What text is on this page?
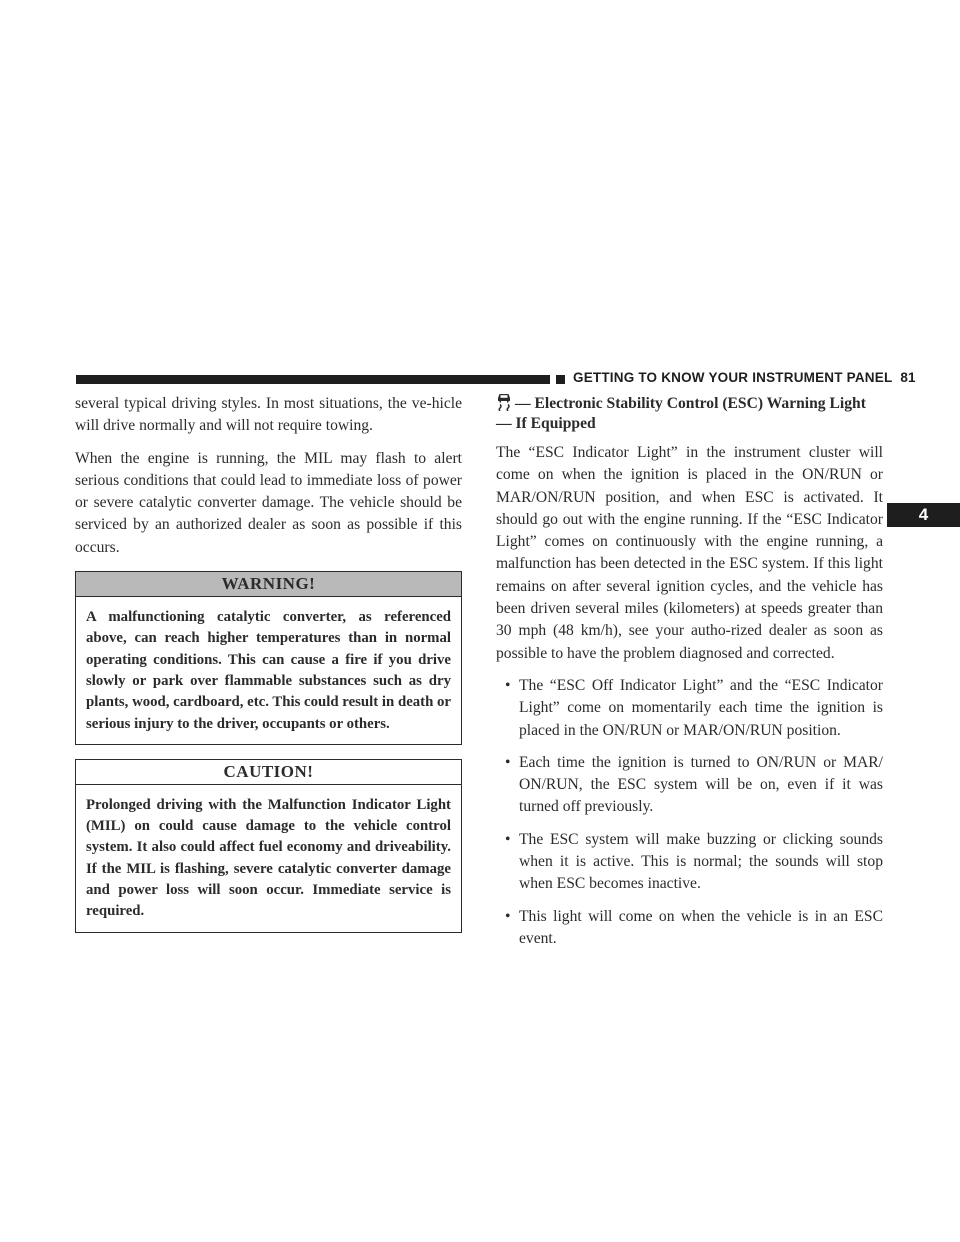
GETTING TO KNOW YOUR INSTRUMENT PANEL 81
4

several typical driving styles. In most situations, the ve-hicle will drive normally and will not require towing.

When the engine is running, the MIL may flash to alert serious conditions that could lead to immediate loss of power or severe catalytic converter damage. The vehicle should be serviced by an authorized dealer as soon as possible if this occurs.

WARNING!
A malfunctioning catalytic converter, as referenced above, can reach higher temperatures than in normal operating conditions. This can cause a fire if you drive slowly or park over flammable substances such as dry plants, wood, cardboard, etc. This could result in death or serious injury to the driver, occupants or others.
CAUTION!
Prolonged driving with the Malfunction Indicator Light (MIL) on could cause damage to the vehicle control system. It also could affect fuel economy and driveability. If the MIL is flashing, severe catalytic converter damage and power loss will soon occur. Immediate service is required.
— Electronic Stability Control (ESC) Warning Light — If Equipped

The “ESC Indicator Light” in the instrument cluster will come on when the ignition is placed in the ON/RUN or MAR/ON/RUN position, and when ESC is activated. It should go out with the engine running. If the “ESC Indicator Light” comes on continuously with the engine running, a malfunction has been detected in the ESC system. If this light remains on after several ignition cycles, and the vehicle has been driven several miles (kilometers) at speeds greater than 30 mph (48 km/h), see your autho-rized dealer as soon as possible to have the problem diagnosed and corrected.

• The “ESC Off Indicator Light” and the “ESC Indicator Light” come on momentarily each time the ignition is placed in the ON/RUN or MAR/ON/RUN position.
• Each time the ignition is turned to ON/RUN or MAR/ ON/RUN, the ESC system will be on, even if it was turned off previously.
• The ESC system will make buzzing or clicking sounds when it is active. This is normal; the sounds will stop when ESC becomes inactive.
• This light will come on when the vehicle is in an ESC event.
